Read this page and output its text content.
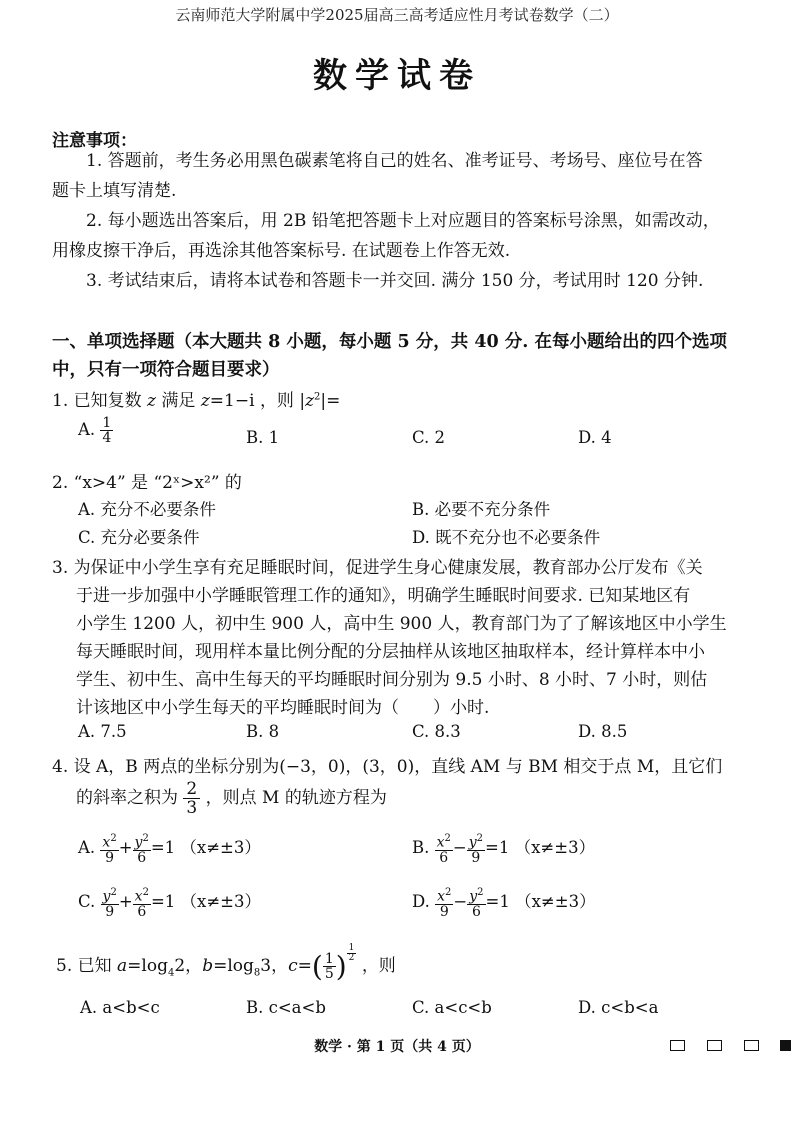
云南师范大学附属中学2025届高三高考适应性月考试卷数学（二）
数学试卷
注意事项：
1. 答题前，考生务必用黑色碳素笔将自己的姓名、准考证号、考场号、座位号在答
题卡上填写清楚.
2. 每小题选出答案后，用 2B 铅笔把答题卡上对应题目的答案标号涂黑，如需改动，
用橡皮擦干净后，再选涂其他答案标号. 在试题卷上作答无效.
3. 考试结束后，请将本试卷和答题卡一并交回. 满分 150 分，考试用时 120 分钟.
一、单项选择题（本大题共 8 小题，每小题 5 分，共 40 分. 在每小题给出的四个选项
中，只有一项符合题目要求）
1. 已知复数 z 满足 z=1−i ，则 $|z^2|=$
A. $\frac{1}{4}$	B. 1	C. 2	D. 4
2. “x>4” 是 “2ˣ>x²” 的
A. 充分不必要条件	B. 必要不充分条件
C. 充分必要条件	D. 既不充分也不必要条件
3. 为保证中小学生享有充足睡眠时间，促进学生身心健康发展，教育部办公厅发布《关
于进一步加强中小学睡眠管理工作的通知》，明确学生睡眠时间要求. 已知某地区有
小学生 1200 人，初中生 900 人，高中生 900 人，教育部门为了了解该地区中小学生
每天睡眠时间，现用样本量比例分配的分层抽样从该地区抽取样本，经计算样本中小
学生、初中生、高中生每天的平均睡眠时间分别为 9.5 小时、8 小时、7 小时，则估
计该地区中小学生每天的平均睡眠时间为（　　）小时.
A. 7.5	B. 8	C. 8.3	D. 8.5
4. 设 A，B 两点的坐标分别为(−3，0)，(3，0)，直线 AM 与 BM 相交于点 M，且它们
的斜率之积为 $\frac{2}{3}$ ，则点 M 的轨迹方程为
A. $\frac{x^2}{9} + \frac{y^2}{6} =1$ （x≠±3）	B. $\frac{x^2}{6} - \frac{y^2}{9} =1$ （x≠±3）
C. $\frac{y^2}{9} + \frac{x^2}{6} =1$ （x≠±3）	D. $\frac{x^2}{9} - \frac{y^2}{6} =1$ （x≠±3）
5. 已知 $a=\log_42$，$b=\log_83$，$c=( \frac{1}{5}$ ) $^{\frac{1}{2}}$
，则
A. a<b<c	B. c<a<b	C. a<c<b	D. c<b<a
数学 · 第 1 页（共 4 页）
